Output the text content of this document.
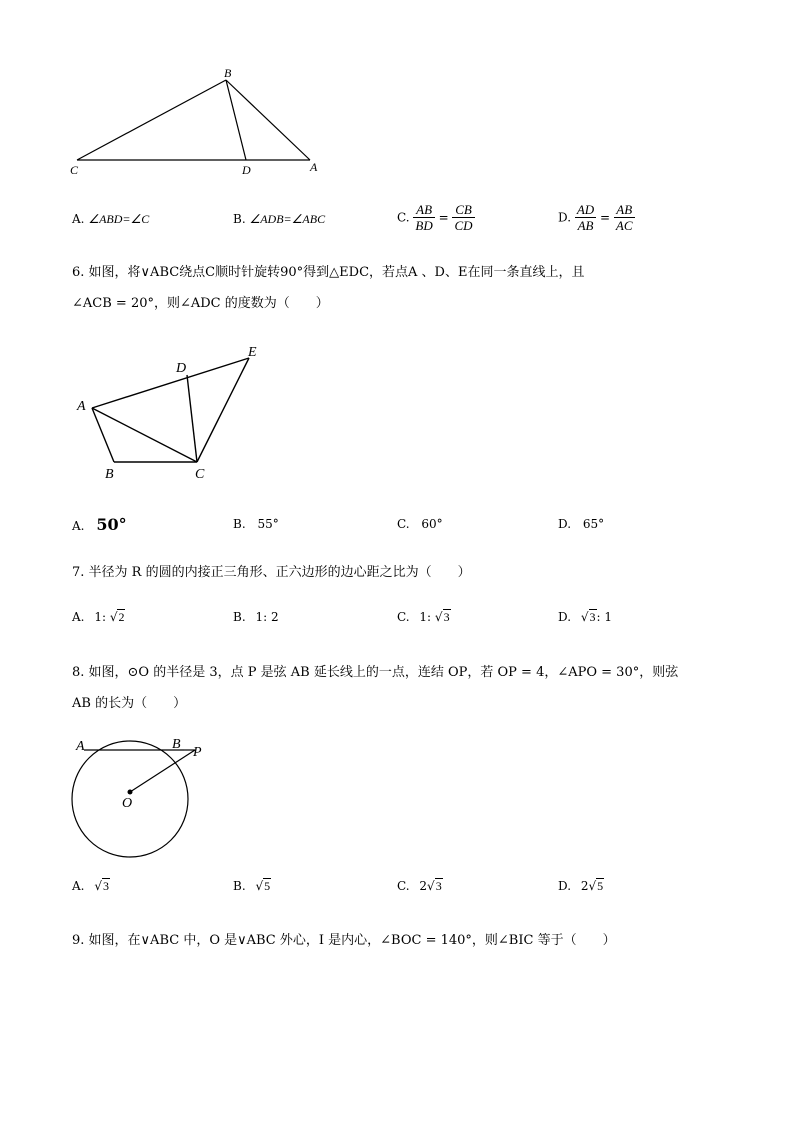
B
C	D	A
A. ∠ABD=∠C	B. ∠ADB=∠ABC	C. $\frac{AB}{BD} = \frac{CB}{CD}$	D. $\frac{AD}{AB} = \frac{AB}{AC}$
6. 如图，将∨ABC绕点C顺时针旋转90°得到△EDC，若点A 、D、E在同一条直线上，且
∠ACB = 20°，则∠ADC 的度数为（　　）
A
B	C
D
E
A. 50°	B. 55°	C. 60°	D. 65°
7. 半径为 R 的圆的内接正三角形、正六边形的边心距之比为（　　）
A. 1: √2	B. 1: 2	C. 1: √3	D. √3: 1
8. 如图，⊙O 的半径是 3，点 P 是弦 AB 延长线上的一点，连结 OP，若 OP = 4，∠APO = 30°，则弦
AB 的长为（　　）
A	B
P
O
A. √3	B. √5	C. 2√3	D. 2√5
9. 如图，在∨ABC 中，O 是∨ABC 外心，I 是内心，∠BOC = 140°，则∠BIC 等于（　　）
